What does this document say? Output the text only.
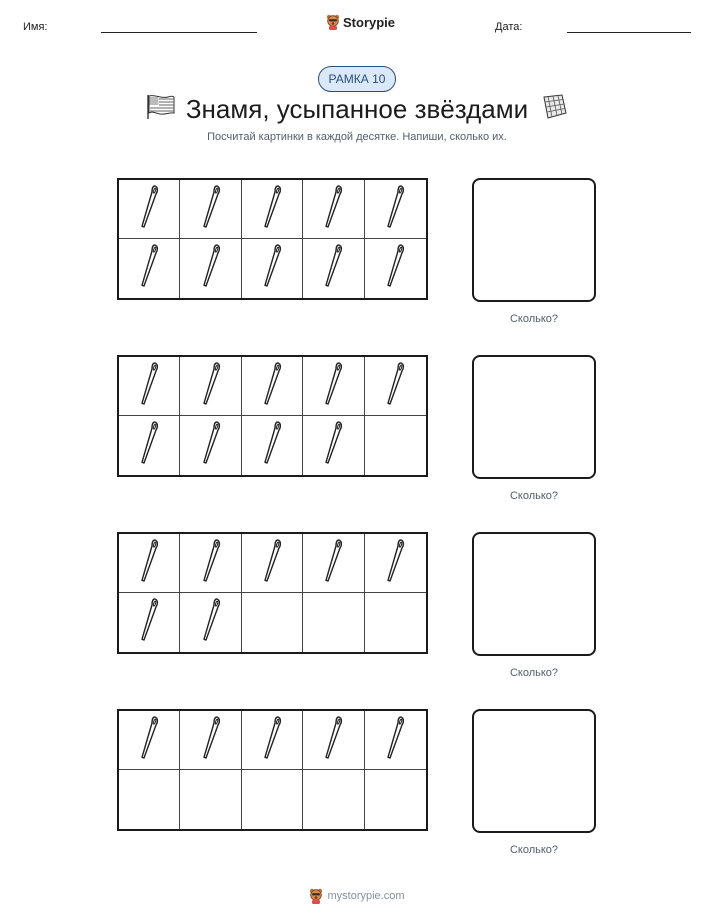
Имя:	Storypie	Дата:
РАМКА 10
Знамя, усыпанное звёздами
Посчитай картинки в каждой десятке. Напиши, сколько их.
Сколько?
Сколько?
Сколько?
Сколько?
mystorypie.com
